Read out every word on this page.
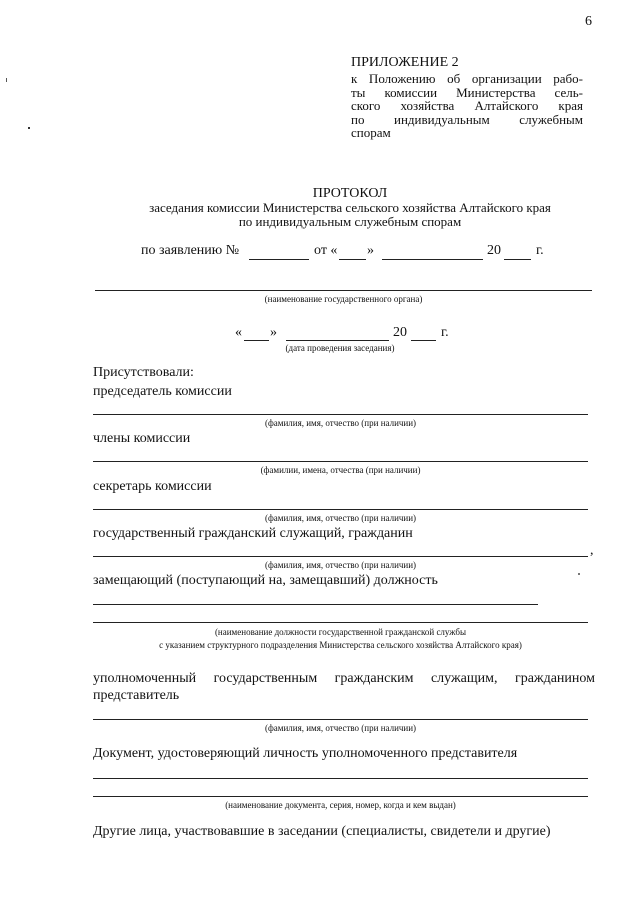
6
ПРИЛОЖЕНИЕ 2
к Положению об организации рабо-
ты комиссии Министерства сель-
ского хозяйства Алтайского края
по индивидуальным служебным
спорам
ПРОТОКОЛ
заседания комиссии Министерства сельского хозяйства Алтайского края
по индивидуальным служебным спорам
по заявлению №	от « »	20	г.
(наименование государственного органа)
« »	20 г.
(дата проведения заседания)
Присутствовали:
председатель комиссии
(фамилия, имя, отчество (при наличии)
члены комиссии
(фамилии, имена, отчества (при наличии)
секретарь комиссии
(фамилия, имя, отчество (при наличии)
государственный гражданский служащий, гражданин
,
(фамилия, имя, отчество (при наличии)
замещающий (поступающий на, замещавший) должность
(наименование должности государственной гражданской службы
с указанием структурного подразделения Министерства сельского хозяйства Алтайского края)
уполномоченный государственным гражданским служащим, гражданином
представитель
(фамилия, имя, отчество (при наличии)
Документ, удостоверяющий личность уполномоченного представителя
(наименование документа, серия, номер, когда и кем выдан)
Другие лица, участвовавшие в заседании (специалисты, свидетели и другие)
